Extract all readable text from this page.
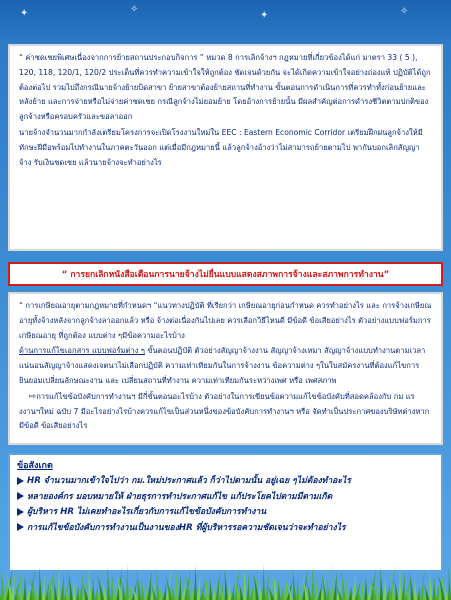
✦	✧
✦	✧

“ ค่าชดเชยพิเศษเนื่องจากการย้ายสถานประกอบกิจการ ” หมวด 8 การเลิกจ้างฯ กฎหมายที่เกี่ยวข้องได้แก่ มาตรา 33 ( 5 ), 120, 118, 120/1, 120/2 ประเด็นที่ควรทำความเข้าใจให้ถูกต้อง ชัดเจนด้วยกัน จะได้เกิดความเข้าใจอย่างถ่องแท้ ปฏิบัติได้ถูกต้องต่อไป รวมไปถึงกรณีนายจ้างย้ายบิดสาขา ย้ายสาขาต้องย้ายสถานที่ทำงาน ขั้นตอนการดำเนินการที่ควรทำทั้งก่อนย้ายและหลังย้าย และการจ่ายหรือไม่จ่ายค่าชดเชย กรณีลูกจ้างไม่ยอมย้าย โดยอ้างการย้ายนั้น มีผลสำคัญต่อการดำรงชีวิตตามปกติของลูกจ้างหรือครอบครัวและขอลาออก

นายจ้างจำนวนมากกำลังเตรียมโครงการจะเปิดโรงงานใหม่ใน EEC : Eastern Economic Corridor เตรียมฝึกฝนลูกจ้างให้มีทักษะฝีมือพร้อมไปทำงานในภาคตะวันออก แต่เมื่อมีกฎหมายนี้ แล้วลูกจ้างอ้างว่าไม่สามารถย้ายตามไป พากันบอกเลิกสัญญาจ้าง รับเงินชดเชย แล้วนายจ้างจะทำอย่างไร

“ การยกเลิกหนังสือเตือนการนายจ้างไม่ยื่นแบบแสดงสภาพการจ้างและสภาพการทำงาน”

“ การเกษียณอายุตามกฎหมายที่กำหนดฯ “แนวทางปฏิบัติ ที่เรียกว่า เกษียณอายุก่อนกำหนด ควรทำอย่างไร และ การจ้างเกษียณอายุทั้งจ้างหลังจากลูกจ้างลาออกแล้ว หรือ จ้างต่อเนื่องกันไปเลย ควรเลือกวิธีไหนดี มีข้อดี ข้อเสียอย่างไร ตัวอย่างแบบฟอร์มการเกษียณอายุ ที่ถูกต้อง แบบต่าง ๆมีข้อความอะไรบ้าง

ด้านการแก้ไขเอกสาร แบบฟอร์มต่าง ๆ ขั้นตอนปฏิบัติ ตัวอย่างสัญญาจ้างงาน สัญญาจ้างเหมา สัญญาจ้างแบบทำงานตามเวลาแน่นอนสัญญาจ้างแสดงเจตนาไม่เลือกปฏิบัติ ความเท่าเทียมกันในการจ้างงาน ข้อความต่าง ๆในใบสมัครงานที่ต้องแก้ไขการยินยอมเปลี่ยนลักษณะงาน และ เปลี่ยนสถานที่ทำงาน ความเท่าเทียมกันระหว่างเพศ หรือ เพศสภาพ

⇨การแก้ไขข้อบังคับการทำงานฯ มีกี่ขั้นตอนอะไรบ้าง ตัวอย่างในการเขียนข้อความแก้ไขข้อบังคับที่สอดคล้องกับ กม แรงงานฯใหม่ ฉบับ 7 มีอะไรอย่างไรบ้างควรแก้ไขเป็นส่วนหนึ่งของข้อบังคับการทำงานฯ หรือ จัดทำเป็นประกาศของบริษัทต่างหาก มีข้อดี ข้อเสียอย่างไร

ข้อสังเกต
HR จำนวนมากเข้าใจไปว่า กม.ใหม่ประกาศแล้ว ก็ว่าไปตามนั้น อยู่เฉย ๆไม่ต้องทำอะไร
หลายองค์กร มอบหมายให้ ฝ่ายธุรการทำประกาศแก้ไข แก้ประโยคไปตามมีตามเกิด
ผู้บริหาร HR ไม่เคยทำอะไรเกี่ยวกับการแก้ไขข้อบังคับการทำงาน
การแก้ไขข้อบังคับการทำงานเป็นงานของHR ที่ผู้บริหารรอความชัดเจนว่าจะทำอย่างไร
